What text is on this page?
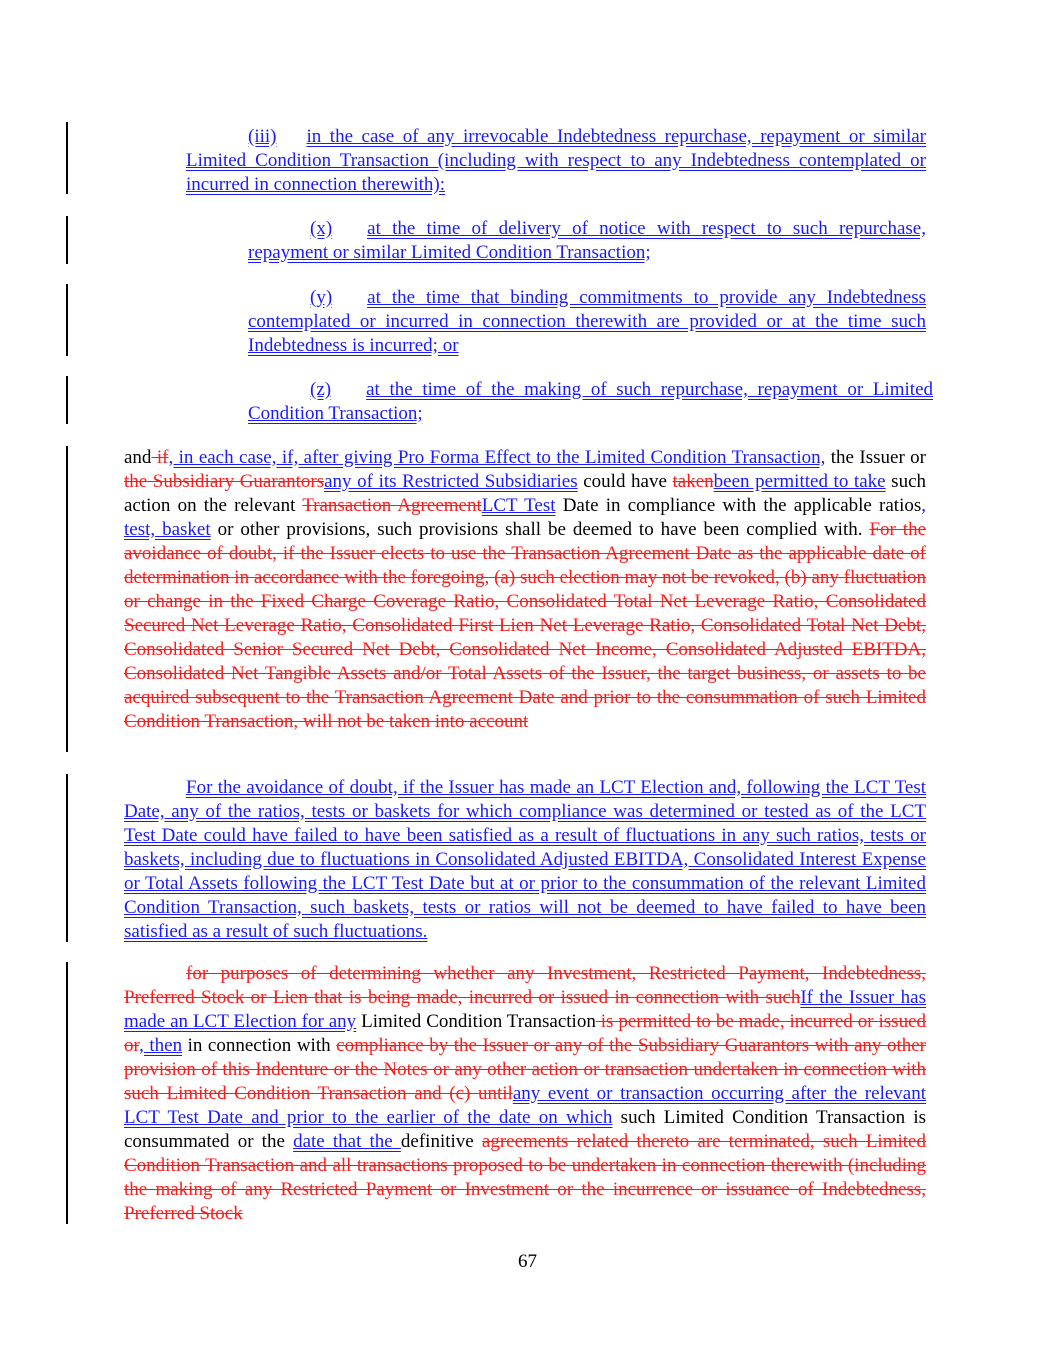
(iii) in the case of any irrevocable Indebtedness repurchase, repayment or similar Limited Condition Transaction (including with respect to any Indebtedness contemplated or incurred in connection therewith):

(x) at the time of delivery of notice with respect to such repurchase, repayment or similar Limited Condition Transaction;

(y) at the time that binding commitments to provide any Indebtedness contemplated or incurred in connection therewith are provided or at the time such Indebtedness is incurred; or

(z) at the time of the making of such repurchase, repayment or Limited Condition Transaction;

and if, in each case, if, after giving Pro Forma Effect to the Limited Condition Transaction, the Issuer or the Subsidiary Guarantorsany of its Restricted Subsidiaries could have takenbeen permitted to take such action on the relevant Transaction AgreementLCT Test Date in compliance with the applicable ratios, test, basket or other provisions, such provisions shall be deemed to have been complied with. For the avoidance of doubt, if the Issuer elects to use the Transaction Agreement Date as the applicable date of determination in accordance with the foregoing, (a) such election may not be revoked, (b) any fluctuation or change in the Fixed Charge Coverage Ratio, Consolidated Total Net Leverage Ratio, Consolidated Secured Net Leverage Ratio, Consolidated First Lien Net Leverage Ratio, Consolidated Total Net Debt, Consolidated Senior Secured Net Debt, Consolidated Net Income, Consolidated Adjusted EBITDA, Consolidated Net Tangible Assets and/or Total Assets of the Issuer, the target business, or assets to be acquired subsequent to the Transaction Agreement Date and prior to the consummation of such Limited Condition Transaction, will not be taken into account

For the avoidance of doubt, if the Issuer has made an LCT Election and, following the LCT Test Date, any of the ratios, tests or baskets for which compliance was determined or tested as of the LCT Test Date could have failed to have been satisfied as a result of fluctuations in any such ratios, tests or baskets, including due to fluctuations in Consolidated Adjusted EBITDA, Consolidated Interest Expense or Total Assets following the LCT Test Date but at or prior to the consummation of the relevant Limited Condition Transaction, such baskets, tests or ratios will not be deemed to have failed to have been satisfied as a result of such fluctuations.

for purposes of determining whether any Investment, Restricted Payment, Indebtedness, Preferred Stock or Lien that is being made, incurred or issued in connection with suchIf the Issuer has made an LCT Election for any Limited Condition Transaction is permitted to be made, incurred or issued or, then in connection with compliance by the Issuer or any of the Subsidiary Guarantors with any other provision of this Indenture or the Notes or any other action or transaction undertaken in connection with such Limited Condition Transaction and (c) untilany event or transaction occurring after the relevant LCT Test Date and prior to the earlier of the date on which such Limited Condition Transaction is consummated or the date that the definitive agreements related thereto are terminated, such Limited Condition Transaction and all transactions proposed to be undertaken in connection therewith (including the making of any Restricted Payment or Investment or the incurrence or issuance of Indebtedness, Preferred Stock

67
